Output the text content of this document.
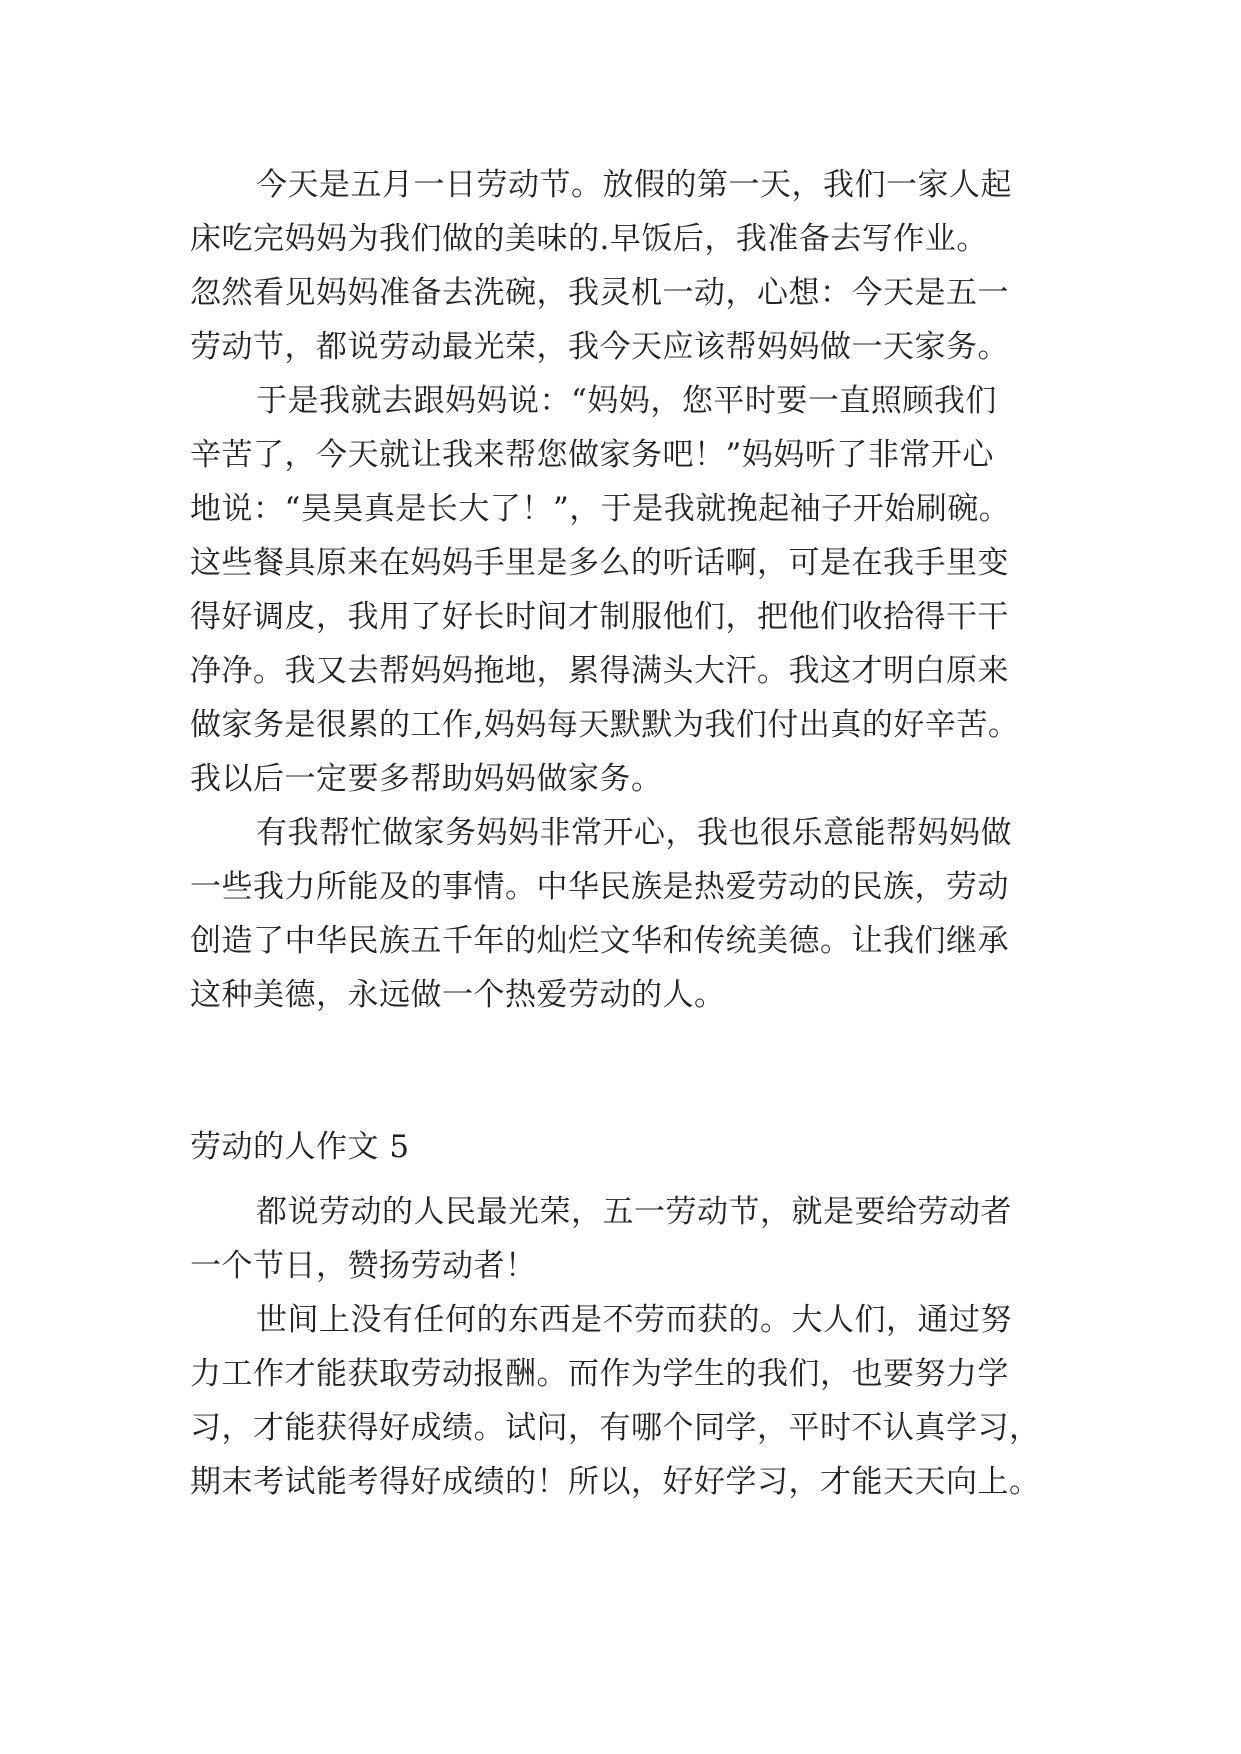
今天是五月一日劳动节。放假的第一天，我们一家人起
床吃完妈妈为我们做的美味的.早饭后，我准备去写作业。
忽然看见妈妈准备去洗碗，我灵机一动，心想：今天是五一
劳动节，都说劳动最光荣，我今天应该帮妈妈做一天家务。
于是我就去跟妈妈说：“妈妈，您平时要一直照顾我们
辛苦了，今天就让我来帮您做家务吧！”妈妈听了非常开心
地说：“昊昊真是长大了！”，于是我就挽起袖子开始刷碗。
这些餐具原来在妈妈手里是多么的听话啊，可是在我手里变
得好调皮，我用了好长时间才制服他们，把他们收拾得干干
净净。我又去帮妈妈拖地，累得满头大汗。我这才明白原来
做家务是很累的工作,妈妈每天默默为我们付出真的好辛苦。
我以后一定要多帮助妈妈做家务。
有我帮忙做家务妈妈非常开心，我也很乐意能帮妈妈做
一些我力所能及的事情。中华民族是热爱劳动的民族，劳动
创造了中华民族五千年的灿烂文华和传统美德。让我们继承
这种美德，永远做一个热爱劳动的人。
劳动的人作文 5
都说劳动的人民最光荣，五一劳动节，就是要给劳动者
一个节日，赞扬劳动者！
世间上没有任何的东西是不劳而获的。大人们，通过努
力工作才能获取劳动报酬。而作为学生的我们，也要努力学
习，才能获得好成绩。试问，有哪个同学，平时不认真学习，
期末考试能考得好成绩的！所以，好好学习，才能天天向上。
